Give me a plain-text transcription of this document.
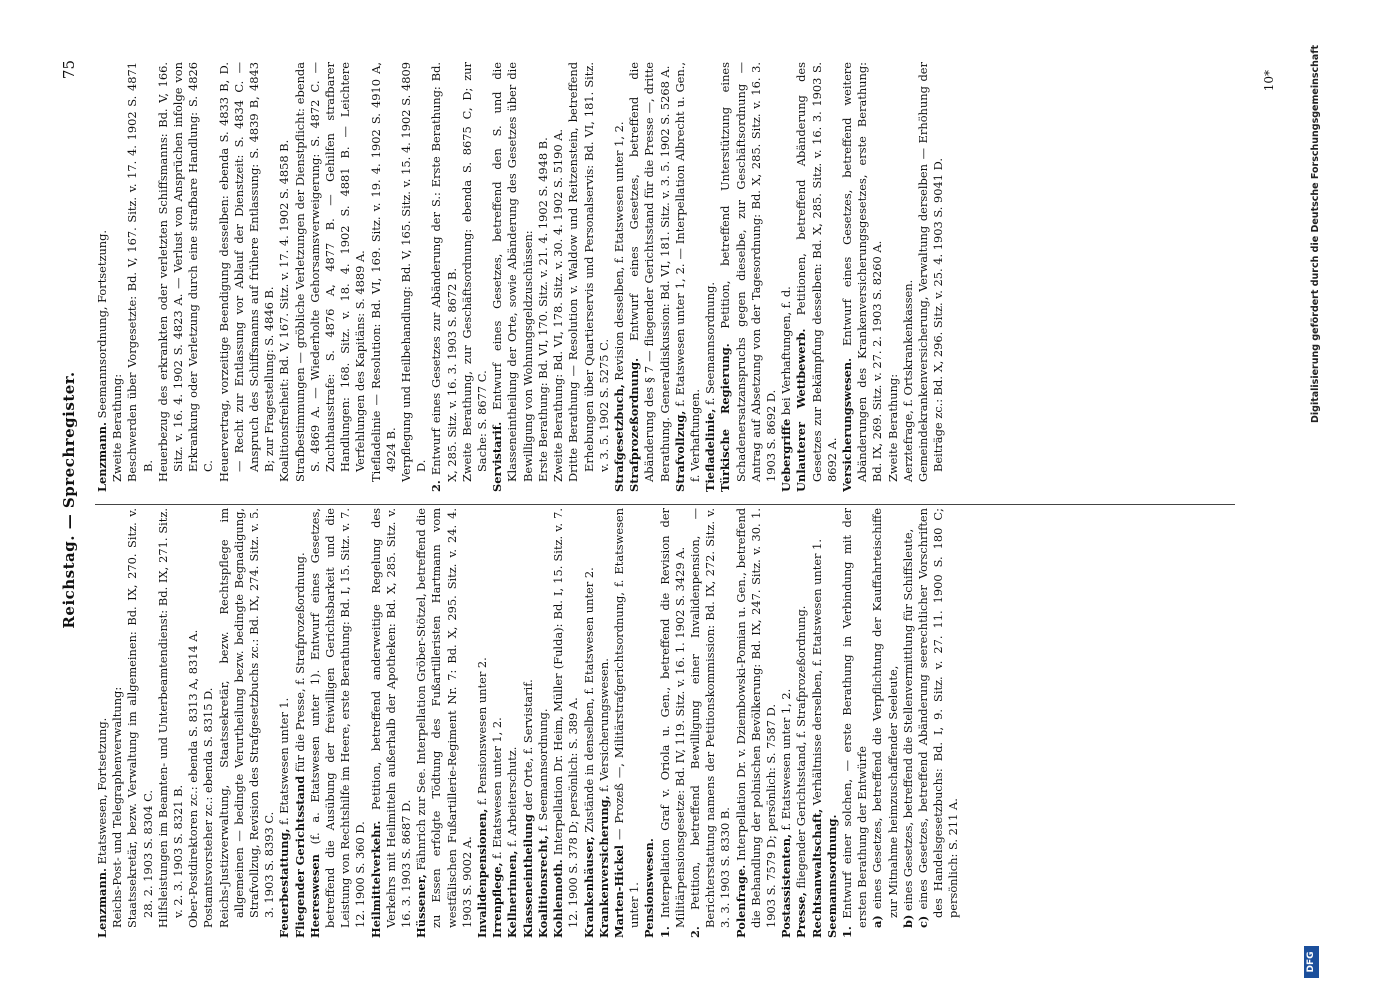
Reichstag. — Sprechregister.
75
Lenzmann. Etatswesen, Fortsetzung. Reichs-Post- und Telegraphenverwaltung: Staatssekretär, bezw. Verwaltung im allgemeinen: Bd. IX, 270. Sitz. v. 28. 2. 1903 S. 8304 C. Hilfsleistungen im Beamten- und Unterbeamtendienst: Bd. IX, 271. Sitz. v. 2. 3. 1903 S. 8321 B. Ober-Postdirektoren zc.: ebenda S. 8313 A, 8314 A. Postamtsvorsteher zc.: ebenda S. 8315 D. Reichs-Justizverwaltung, Staatssekretär, bezw. Rechtspflege im allgemeinen — bedingte Verurtheilung bezw. bedingte Begnadigung, Strafvollzug, Revision des Strafgesetzbuchs zc.: Bd. IX, 274. Sitz. v. 5. 3. 1903 S. 8393 C. Feuerbestattung, f. Etatswesen unter 1.
Fliegender Gerichtsstand für die Presse, f. Strafprozeßordnung.
Heereswesen (f. a. Etatswesen unter 1). Entwurf eines Gesetzes, betreffend die Ausübung der freiwilligen Gerichtsbarkeit und die Leistung von Rechtshilfe im Heere, erste Berathung: Bd. I, 15. Sitz. v. 7. 12. 1900 S. 360 D. Heilmittelverkehr. Petition, betreffend anderweitige Regelung des Verkehrs mit Heilmitteln außerhalb der Apotheken: Bd. X, 285. Sitz. v. 16. 3. 1903 S. 8687 D. Hüssener, Fähnrich zur See. Interpellation Gröber-Stötzel, betreffend die zu Essen erfolgte Tödtung des Fußartilleristen Hartmann vom westfälischen Fußartillerie-Regiment Nr. 7: Bd. X, 295. Sitz. v. 24. 4. 1903 S. 9002 A. Invalidenpensionen, f. Pensionswesen unter 2.
Irrenpflege, f. Etatswesen unter 1, 2.
Kellnerinnen, f. Arbeiterschutz.
Klasseneintheilung der Orte, f. Servistarif.
Koalitionsrecht, f. Seemannsordnung.
Kohlennoth. Interpellation Dr. Heim, Müller (Fulda): Bd. I, 15. Sitz. v. 7. 12. 1900 S. 378 D; persönlich: S. 389 A. Krankenhäuser, Zustände in denselben, f. Etatswesen unter 2.
Krankenversicherung, f. Versicherungswesen.
Marten-Hickel — Prozeß —, Militärstrafgerichtsordnung, f. Etatswesen unter 1. Pensionswesen. 1. Interpellation Graf v. Oriola u. Gen., betreffend die Revision der Militärpensionsgesetze: Bd. IV, 119. Sitz. v. 16. 1. 1902 S. 3429 A.
2. Petition, betreffend Bewilligung einer Invalidenpension, — Berichterstattung namens der Petitionskommission: Bd. IX, 272. Sitz. v. 3. 3. 1903 S. 8330 B. Polenfrage. Interpellation Dr. v. Dziembowski-Pomian u. Gen., betreffend die Behandlung der polnischen Bevölkerung: Bd. IX, 247. Sitz. v. 30. 1. 1903 S. 7579 D; persönlich: S. 7587 D. Postassistenten, f. Etatswesen unter 1, 2.
Presse, fliegender Gerichtsstand, f. Strafprozeßordnung. Rechtsanwaltschaft, Verhältnisse derselben, f. Etatswesen unter 1.
Seemannsordnung. 1. Entwurf einer solchen, — erste Berathung in Verbindung mit der ersten Berathung der Entwürfe a) eines Gesetzes, betreffend die Verpflichtung der Kauffahrteischiffe zur Mitnahme heimzuschaffender Seeleute,
b) eines Gesetzes, betreffend die Stellenvermittlung für Schiffsleute,
c) eines Gesetzes, betreffend Abänderung seerechtlicher Vorschriften des Handelsgesetzbuchs: Bd. I, 9. Sitz. v. 27. 11. 1900 S. 180 C; persönlich: S. 211 A.
Lenzmann. Seemannsordnung, Fortsetzung.
Zweite Berathung: Beschwerden über Vorgesetzte: Bd. V, 167. Sitz. v. 17. 4. 1902 S. 4871 B. Heuerbezug des erkrankten oder verletzten Schiffsmanns: Bd. V, 166. Sitz. v. 16. 4. 1902 S. 4823 A. — Verlust von Ansprüchen infolge von Erkrankung oder Verletzung durch eine strafbare Handlung: S. 4826 C. Heuervertrag, vorzeitige Beendigung desselben: ebenda S. 4833 B, D. — Recht zur Entlassung vor Ablauf der Dienstzeit: S. 4834 C. — Anspruch des Schiffsmanns auf frühere Entlassung: S. 4839 B, 4843 B; zur Fragestellung: S. 4846 B. Koalitionsfreiheit: Bd. V, 167. Sitz. v. 17. 4. 1902 S. 4858 B. Strafbestimmungen — gröbliche Verletzungen der Dienstpflicht: ebenda S. 4869 A. — Wiederholte Gehorsamsverweigerung: S. 4872 C. — Zuchthausstrafe: S. 4876 A, 4877 B. — Gehilfen strafbarer Handlungen: 168. Sitz. v. 18. 4. 1902 S. 4881 B. — Leichtere Verfehlungen des Kapitäns: S. 4889 A. Tiefladelinie — Resolution: Bd. VI, 169. Sitz. v. 19. 4. 1902 S. 4910 A, 4924 B. Verpflegung und Heilbehandlung: Bd. V, 165. Sitz. v. 15. 4. 1902 S. 4809 D.
2. Entwurf eines Gesetzes zur Abänderung der S.: Erste Berathung: Bd. X, 285. Sitz. v. 16. 3. 1903 S. 8672 B. Zweite Berathung, zur Geschäftsordnung: ebenda S. 8675 C, D; zur Sache: S. 8677 C. Servistarif. Entwurf eines Gesetzes, betreffend den S. und die Klasseneintheilung der Orte, sowie Abänderung des Gesetzes über die Bewilligung von Wohnungsgeldzuschüssen: Erste Berathung: Bd. VI, 170. Sitz. v. 21. 4. 1902 S. 4948 B. Zweite Berathung: Bd. VI, 178. Sitz. v. 30. 4. 1902 S. 5190 A. Dritte Berathung — Resolution v. Waldow und Reitzenstein, betreffend Erhebungen über Quartierservis und Personalservis: Bd. VI, 181. Sitz. v. 3. 5. 1902 S. 5275 C. Strafgesetzbuch, Revision desselben, f. Etatswesen unter 1, 2.
Strafprozeßordnung. Entwurf eines Gesetzes, betreffend die Abänderung des § 7 — fliegender Gerichtsstand für die Presse —, dritte Berathung. Generaldiskussion: Bd. VI, 181. Sitz. v. 3. 5. 1902 S. 5268 A. Strafvollzug, f. Etatswesen unter 1, 2. — Interpellation Albrecht u. Gen., f. Verhaftungen. Tiefladelinie, f. Seemannsordnung. Türkische Regierung. Petition, betreffend Unterstützung eines Schadenersatzanspruchs gegen dieselbe, zur Geschäftsordnung — Antrag auf Absetzung von der Tagesordnung: Bd. X, 285. Sitz. v. 16. 3. 1903 S. 8692 D. Uebergriffe bei Verhaftungen, f. d. Unlauterer Wettbewerb. Petitionen, betreffend Abänderung des Gesetzes zur Bekämpfung desselben: Bd. X, 285. Sitz. v. 16. 3. 1903 S. 8692 A. Versicherungswesen. Entwurf eines Gesetzes, betreffend weitere Abänderungen des Krankenversicherungsgesetzes, erste Berathung: Bd. IX, 269. Sitz. v. 27. 2. 1903 S. 8260 A. Zweite Berathung: Aerztefrage, f. Ortskrankenkassen. Gemeindekrankenversicherung, Verwaltung derselben — Erhöhung der Beiträge zc.: Bd. X, 296. Sitz. v. 25. 4. 1903 S. 9041 D.
10*
DFG
Digitalisierung gefördert durch die Deutsche Forschungsgemeinschaft
